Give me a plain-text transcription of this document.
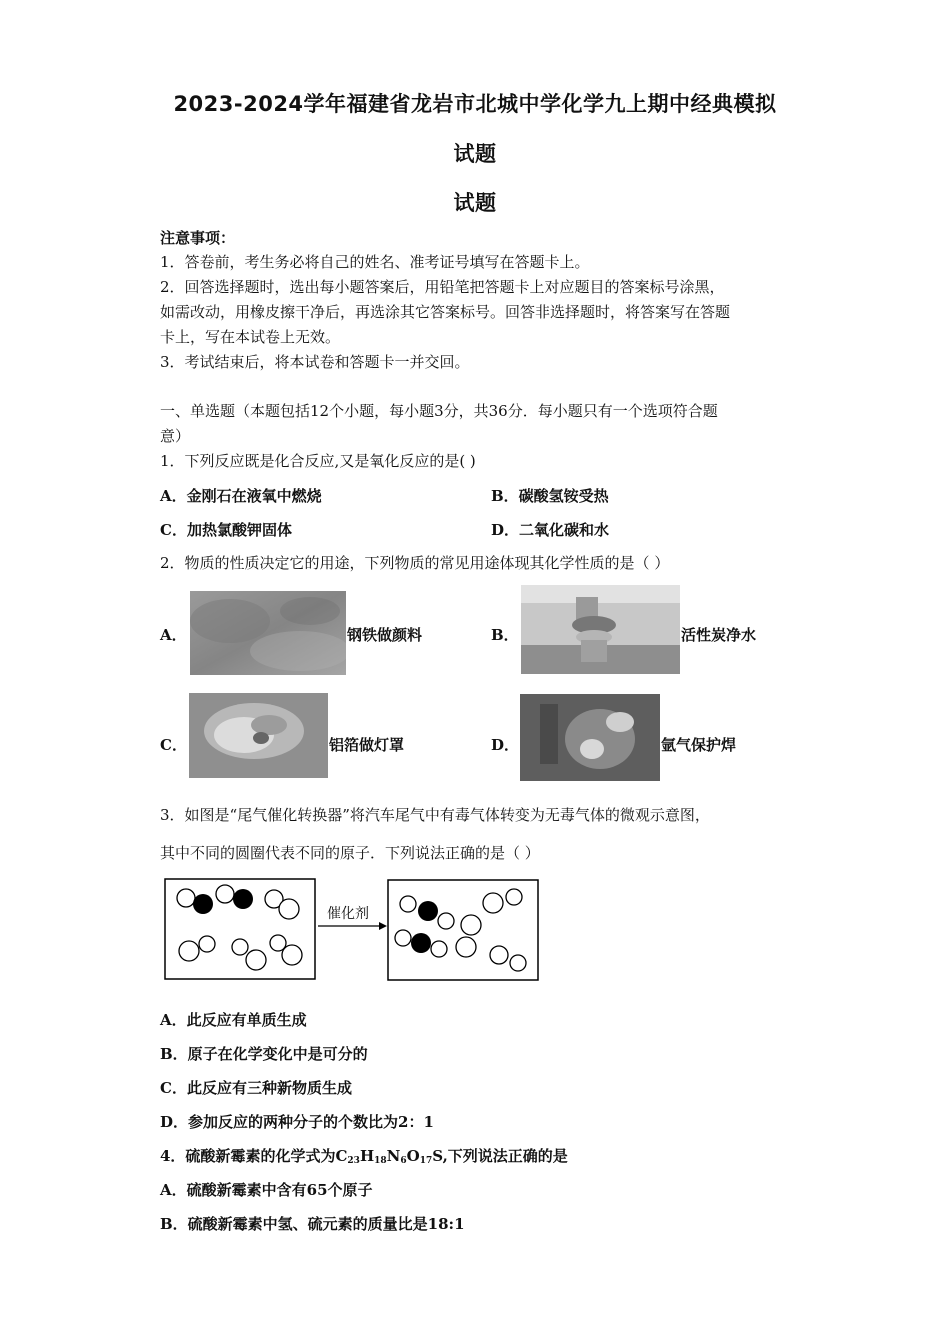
2023-2024学年福建省龙岩市北城中学化学九上期中经典模拟
试题
试题
注意事项：
1．答卷前，考生务必将自己的姓名、准考证号填写在答题卡上。
2．回答选择题时，选出每小题答案后，用铅笔把答题卡上对应题目的答案标号涂黑，
如需改动，用橡皮擦干净后，再选涂其它答案标号。回答非选择题时，将答案写在答题
卡上，写在本试卷上无效。
3．考试结束后，将本试卷和答题卡一并交回。
一、单选题（本题包括12个小题，每小题3分，共36分．每小题只有一个选项符合题
意）
1．下列反应既是化合反应,又是氧化反应的是( )
A．金刚石在液氧中燃烧	B．碳酸氢铵受热
C．加热氯酸钾固体	D．二氧化碳和水
2．物质的性质决定它的用途，下列物质的常见用途体现其化学性质的是（ ）
A．	钢铁做颜料	B．	活性炭净水
C．	铝箔做灯罩	D．	氩气保护焊
3．如图是“尾气催化转换器”将汽车尾气中有毒气体转变为无毒气体的微观示意图，
其中不同的圆圈代表不同的原子．下列说法正确的是（ ）
催化剂
A．此反应有单质生成
B．原子在化学变化中是可分的
C．此反应有三种新物质生成
D．参加反应的两种分子的个数比为2：1
4．硫酸新霉素的化学式为$C_{23}H_{18}N_6O_{17}S$,下列说法正确的是
A．硫酸新霉素中含有65个原子
B．硫酸新霉素中氢、硫元素的质量比是18:1
